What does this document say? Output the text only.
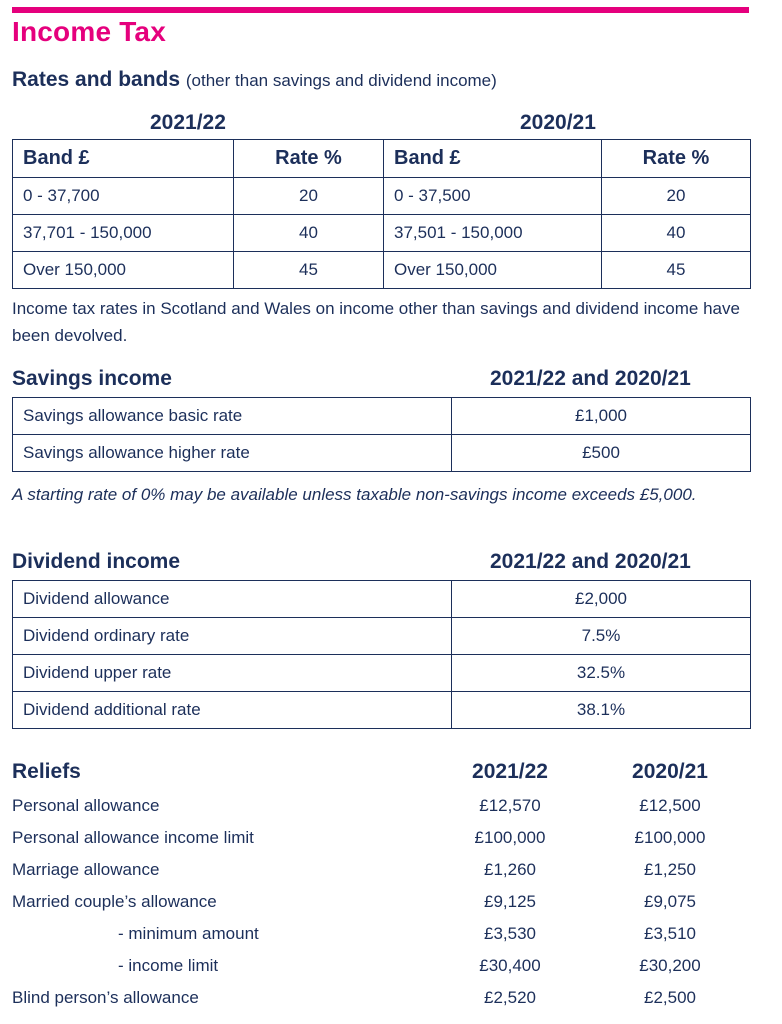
Income Tax
Rates and bands (other than savings and dividend income)
2021/22	2020/21
Band £	Rate %	Band £	Rate %
0 - 37,700	20	0 - 37,500	20
37,701 - 150,000	40	37,501 - 150,000	40
Over 150,000	45	Over 150,000	45
Income tax rates in Scotland and Wales on income other than savings and dividend income have been devolved.
Savings income	2021/22 and 2020/21
Savings allowance basic rate	£1,000
Savings allowance higher rate	£500
A starting rate of 0% may be available unless taxable non-savings income exceeds £5,000.
Dividend income	2021/22 and 2020/21
Dividend allowance	£2,000
Dividend ordinary rate	7.5%
Dividend upper rate	32.5%
Dividend additional rate	38.1%
Reliefs	2021/22	2020/21
Personal allowance	£12,570	£12,500
Personal allowance income limit	£100,000	£100,000
Marriage allowance	£1,260	£1,250
Married couple’s allowance	£9,125	£9,075
- minimum amount	£3,530	£3,510
- income limit	£30,400	£30,200
Blind person’s allowance	£2,520	£2,500
